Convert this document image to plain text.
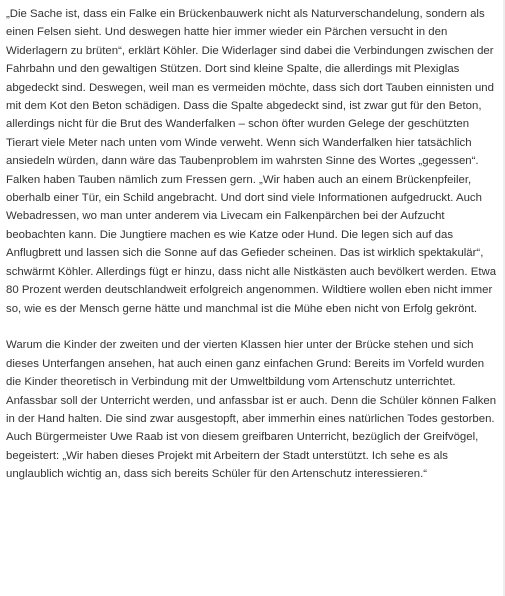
„Die Sache ist, dass ein Falke ein Brückenbauwerk nicht als Naturverschandelung, sondern als einen Felsen sieht. Und deswegen hatte hier immer wieder ein Pärchen versucht in den Widerlagern zu brüten“, erklärt Köhler. Die Widerlager sind dabei die Verbindungen zwischen der Fahrbahn und den gewaltigen Stützen. Dort sind kleine Spalte, die allerdings mit Plexiglas abgedeckt sind. Deswegen, weil man es vermeiden möchte, dass sich dort Tauben einnisten und mit dem Kot den Beton schädigen. Dass die Spalte abgedeckt sind, ist zwar gut für den Beton, allerdings nicht für die Brut des Wanderfalken – schon öfter wurden Gelege der geschützten Tierart viele Meter nach unten vom Winde verweht. Wenn sich Wanderfalken hier tatsächlich ansiedeln würden, dann wäre das Taubenproblem im wahrsten Sinne des Wortes „gegessen“. Falken haben Tauben nämlich zum Fressen gern. „Wir haben auch an einem Brückenpfeiler, oberhalb einer Tür, ein Schild angebracht. Und dort sind viele Informationen aufgedruckt. Auch Webadressen, wo man unter anderem via Livecam ein Falkenpärchen bei der Aufzucht beobachten kann. Die Jungtiere machen es wie Katze oder Hund. Die legen sich auf das Anflugbrett und lassen sich die Sonne auf das Gefieder scheinen. Das ist wirklich spektakulär“, schwärmt Köhler. Allerdings fügt er hinzu, dass nicht alle Nistkästen auch bevölkert werden. Etwa 80 Prozent werden deutschlandweit erfolgreich angenommen. Wildtiere wollen eben nicht immer so, wie es der Mensch gerne hätte und manchmal ist die Mühe eben nicht von Erfolg gekrönt.

Warum die Kinder der zweiten und der vierten Klassen hier unter der Brücke stehen und sich dieses Unterfangen ansehen, hat auch einen ganz einfachen Grund: Bereits im Vorfeld wurden die Kinder theoretisch in Verbindung mit der Umweltbildung vom Artenschutz unterrichtet. Anfassbar soll der Unterricht werden, und anfassbar ist er auch. Denn die Schüler können Falken in der Hand halten. Die sind zwar ausgestopft, aber immerhin eines natürlichen Todes gestorben. Auch Bürgermeister Uwe Raab ist von diesem greifbaren Unterricht, bezüglich der Greifvögel, begeistert: „Wir haben dieses Projekt mit Arbeitern der Stadt unterstützt. Ich sehe es als unglaublich wichtig an, dass sich bereits Schüler für den Artenschutz interessieren.“
